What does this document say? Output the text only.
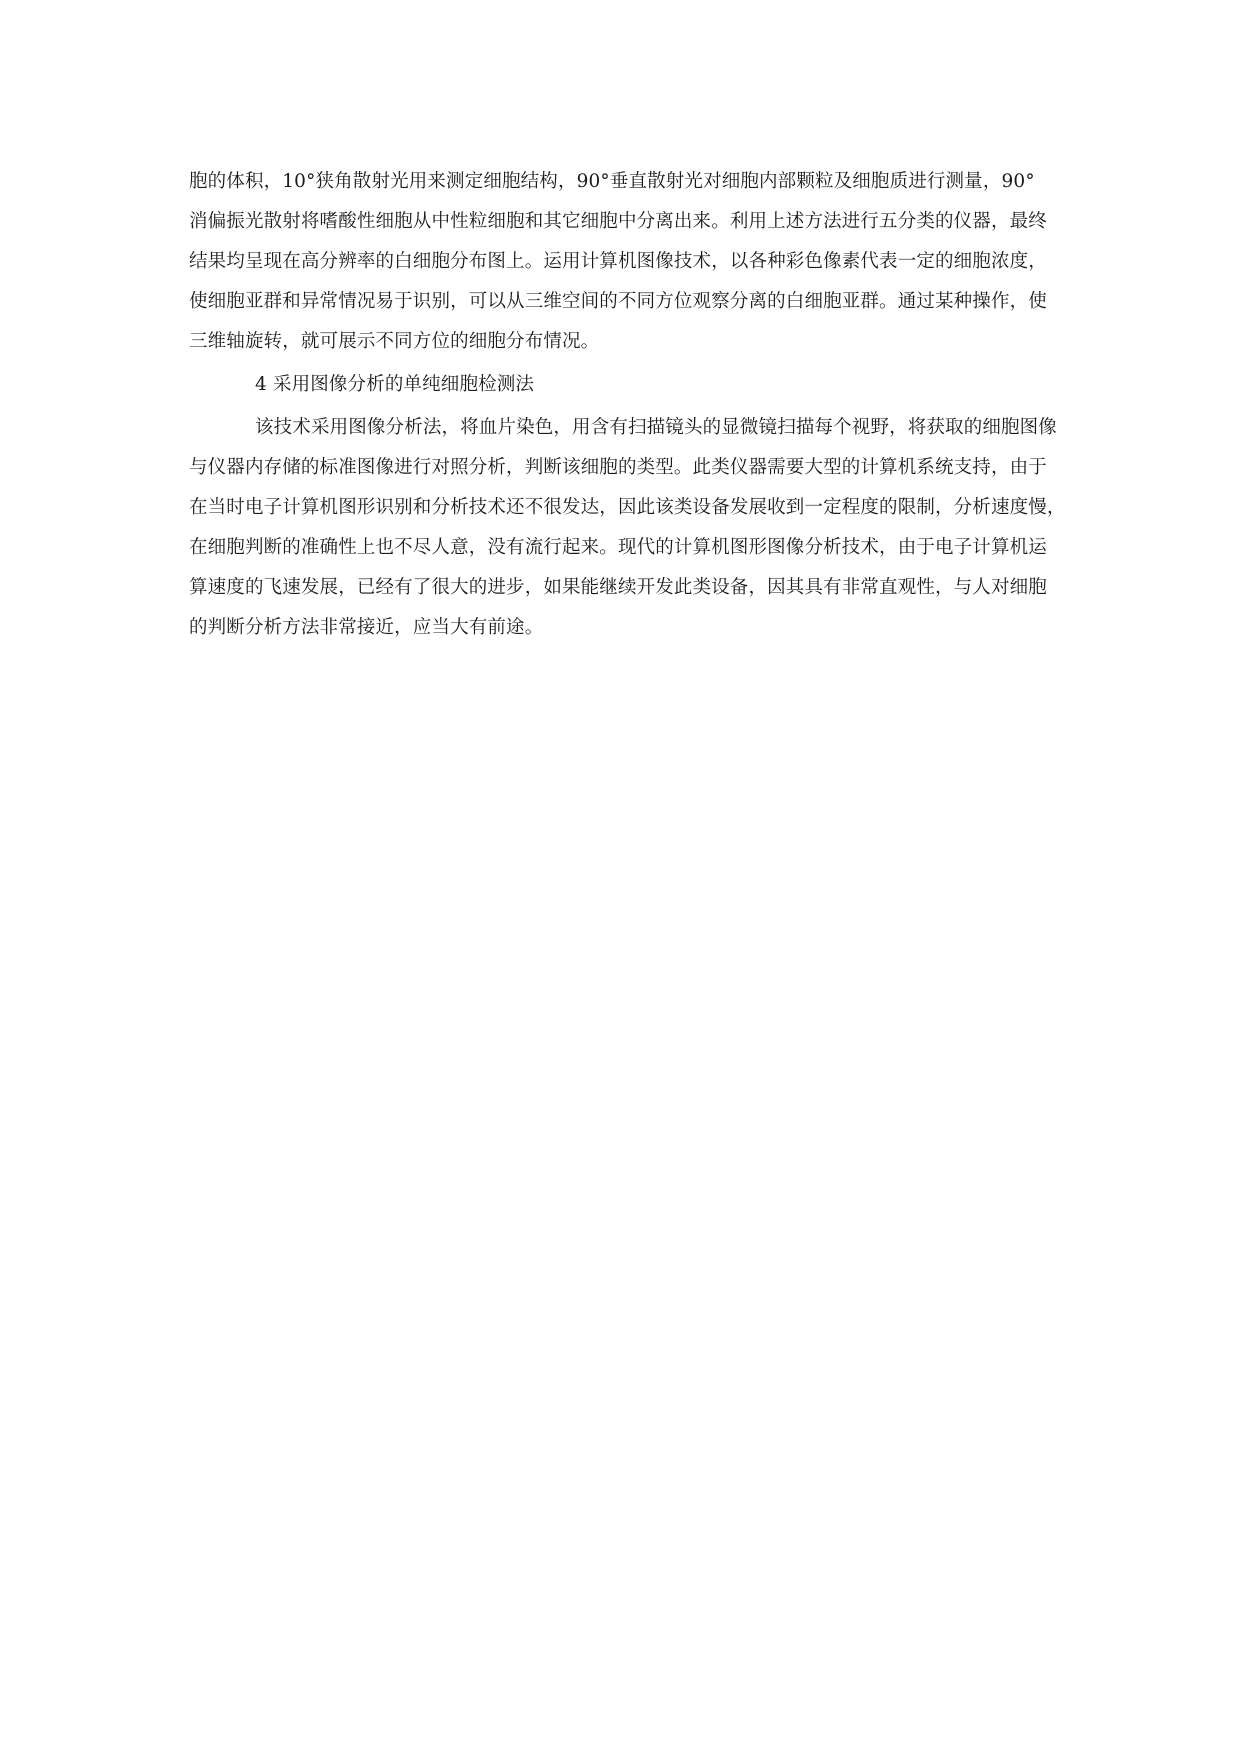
胞的体积，10°狭角散射光用来测定细胞结构，90°垂直散射光对细胞内部颗粒及细胞质进行测量，90°
消偏振光散射将嗜酸性细胞从中性粒细胞和其它细胞中分离出来。利用上述方法进行五分类的仪器，最终
结果均呈现在高分辨率的白细胞分布图上。运用计算机图像技术，以各种彩色像素代表一定的细胞浓度，
使细胞亚群和异常情况易于识别，可以从三维空间的不同方位观察分离的白细胞亚群。通过某种操作，使
三维轴旋转，就可展示不同方位的细胞分布情况。
4 采用图像分析的单纯细胞检测法
该技术采用图像分析法，将血片染色，用含有扫描镜头的显微镜扫描每个视野，将获取的细胞图像
与仪器内存储的标准图像进行对照分析，判断该细胞的类型。此类仪器需要大型的计算机系统支持，由于
在当时电子计算机图形识别和分析技术还不很发达，因此该类设备发展收到一定程度的限制，分析速度慢，
在细胞判断的准确性上也不尽人意，没有流行起来。现代的计算机图形图像分析技术，由于电子计算机运
算速度的飞速发展，已经有了很大的进步，如果能继续开发此类设备，因其具有非常直观性，与人对细胞
的判断分析方法非常接近，应当大有前途。
